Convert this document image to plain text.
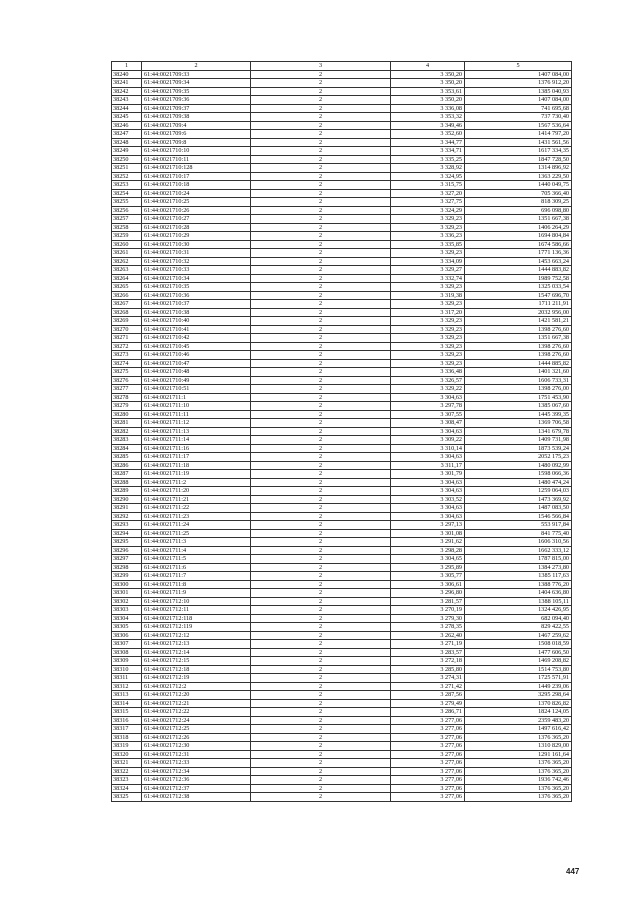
1	2	3	4	5
38240	61:44:0021709:33	2	3 350,20	1407 084,00
38241	61:44:0021709:34	2	3 350,20	1376 912,20
38242	61:44:0021709:35	2	3 353,61	1385 040,93
38243	61:44:0021709:36	2	3 350,20	1407 084,00
38244	61:44:0021709:37	2	3 336,08	741 695,68
38245	61:44:0021709:38	2	3 353,32	737 730,40
38246	61:44:0021709:4	2	3 349,46	1567 536,64
38247	61:44:0021709:6	2	3 352,60	1414 797,20
38248	61:44:0021709:8	2	3 344,77	1431 561,56
38249	61:44:0021710:10	2	3 334,71	1617 334,35
38250	61:44:0021710:11	2	3 335,25	1847 728,50
38251	61:44:0021710:128	2	3 328,92	1314 896,92
38252	61:44:0021710:17	2	3 324,95	1363 229,50
38253	61:44:0021710:18	2	3 315,75	1440 049,75
38254	61:44:0021710:24	2	3 327,20	705 366,40
38255	61:44:0021710:25	2	3 327,75	818 309,25
38256	61:44:0021710:26	2	3 324,29	696 098,80
38257	61:44:0021710:27	2	3 329,23	1351 667,38
38258	61:44:0021710:28	2	3 329,23	1406 264,29
38259	61:44:0021710:29	2	3 336,23	1694 804,84
38260	61:44:0021710:30	2	3 335,85	1674 586,66
38261	61:44:0021710:31	2	3 329,23	1771 136,36
38262	61:44:0021710:32	2	3 334,09	1453 663,24
38263	61:44:0021710:33	2	3 329,27	1444 883,82
38264	61:44:0021710:34	2	3 332,74	1989 752,58
38265	61:44:0021710:35	2	3 329,23	1325 033,54
38266	61:44:0021710:36	2	3 319,38	1547 696,70
38267	61:44:0021710:37	2	3 329,23	1711 211,91
38268	61:44:0021710:38	2	3 317,20	2032 956,00
38269	61:44:0021710:40	2	3 329,23	1421 581,21
38270	61:44:0021710:41	2	3 329,23	1398 276,60
38271	61:44:0021710:42	2	3 329,23	1351 667,38
38272	61:44:0021710:45	2	3 329,23	1398 276,60
38273	61:44:0021710:46	2	3 329,23	1398 276,60
38274	61:44:0021710:47	2	3 329,23	1444 885,82
38275	61:44:0021710:48	2	3 336,48	1401 321,60
38276	61:44:0021710:49	2	3 326,57	1606 733,31
38277	61:44:0021710:51	2	3 329,22	1398 276,00
38278	61:44:0021711:1	2	3 304,63	1751 453,90
38279	61:44:0021711:10	2	3 297,78	1385 067,60
38280	61:44:0021711:11	2	3 307,55	1445 399,35
38281	61:44:0021711:12	2	3 308,47	1369 706,58
38282	61:44:0021711:13	2	3 304,63	1341 679,78
38283	61:44:0021711:14	2	3 309,22	1409 731,98
38284	61:44:0021711:16	2	3 310,14	1873 539,24
38285	61:44:0021711:17	2	3 304,63	2052 175,23
38286	61:44:0021711:18	2	3 311,17	1480 092,99
38287	61:44:0021711:19	2	3 301,79	1598 066,36
38288	61:44:0021711:2	2	3 304,63	1480 474,24
38289	61:44:0021711:20	2	3 304,63	1259 064,03
38290	61:44:0021711:21	2	3 303,52	1473 369,92
38291	61:44:0021711:22	2	3 304,63	1487 083,50
38292	61:44:0021711:23	2	3 304,63	1546 566,84
38293	61:44:0021711:24	2	3 297,13	553 917,84
38294	61:44:0021711:25	2	3 301,08	841 775,40
38295	61:44:0021711:3	2	3 291,62	1606 310,56
38296	61:44:0021711:4	2	3 298,28	1662 333,12
38297	61:44:0021711:5	2	3 304,65	1787 815,00
38298	61:44:0021711:6	2	3 295,89	1384 273,80
38299	61:44:0021711:7	2	3 305,77	1385 117,63
38300	61:44:0021711:8	2	3 306,61	1388 776,20
38301	61:44:0021711:9	2	3 296,80	1404 636,80
38302	61:44:0021712:10	2	3 281,57	1388 105,11
38303	61:44:0021712:11	2	3 270,19	1324 426,95
38304	61:44:0021712:118	2	3 279,30	682 094,40
38305	61:44:0021712:119	2	3 278,35	829 422,55
38306	61:44:0021712:12	2	3 262,40	1467 259,62
38307	61:44:0021712:13	2	3 271,19	1508 018,59
38308	61:44:0021712:14	2	3 283,57	1477 606,50
38309	61:44:0021712:15	2	3 272,18	1469 208,82
38310	61:44:0021712:18	2	3 285,80	1514 753,80
38311	61:44:0021712:19	2	3 274,31	1725 571,91
38312	61:44:0021712:2	2	3 271,42	1449 239,06
38313	61:44:0021712:20	2	3 287,56	3295 298,64
38314	61:44:0021712:21	2	3 279,49	1370 826,82
38315	61:44:0021712:22	2	3 286,71	1824 124,05
38316	61:44:0021712:24	2	3 277,06	2359 483,20
38317	61:44:0021712:25	2	3 277,06	1497 616,42
38318	61:44:0021712:26	2	3 277,06	1376 365,20
38319	61:44:0021712:30	2	3 277,06	1310 829,00
38320	61:44:0021712:31	2	3 277,06	1291 161,64
38321	61:44:0021712:33	2	3 277,06	1376 365,20
38322	61:44:0021712:34	2	3 277,06	1376 365,20
38323	61:44:0021712:36	2	3 277,06	1936 742,46
38324	61:44:0021712:37	2	3 277,06	1376 365,20
38325	61:44:0021712:38	2	3 277,06	1376 365,20
447
